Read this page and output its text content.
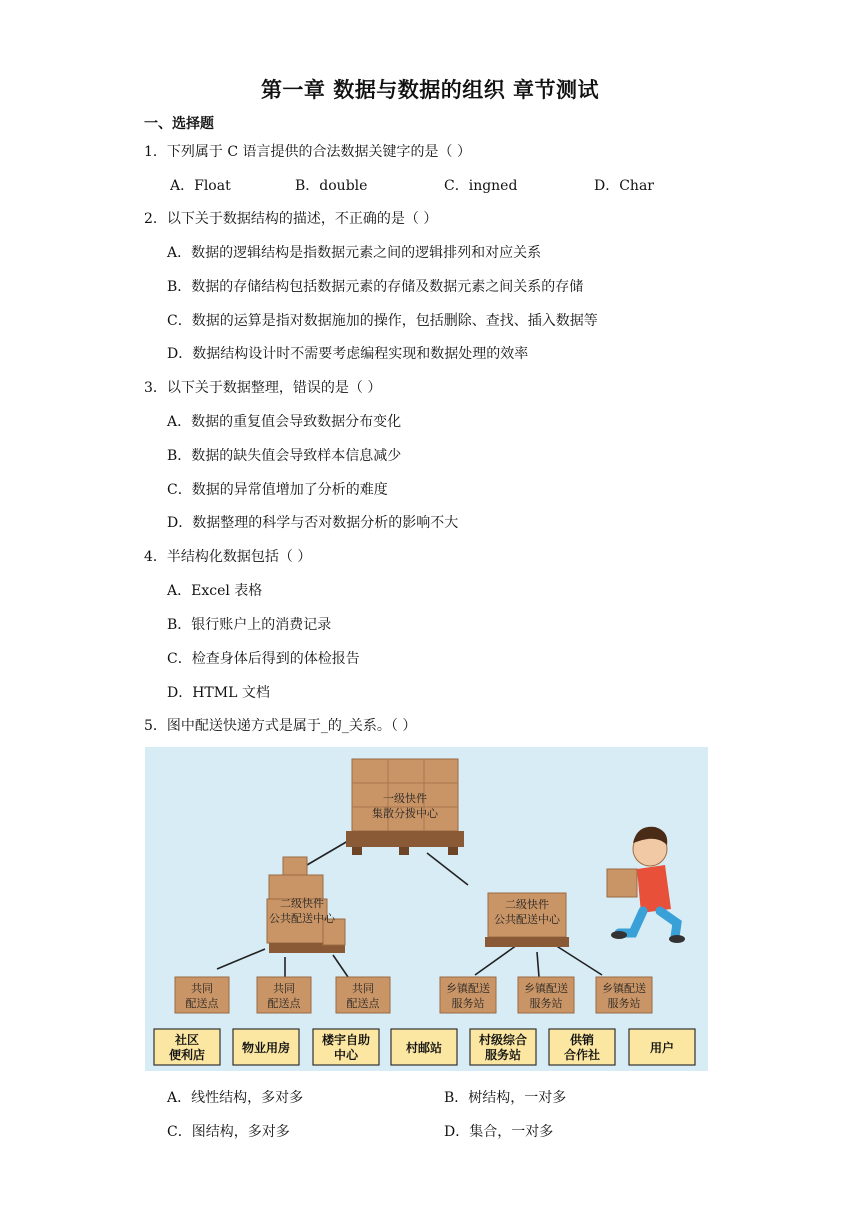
第一章 数据与数据的组织 章节测试
一、选择题
1．下列属于 C 语言提供的合法数据关键字的是（ ）
A．Float	B．double	C．ingned	D．Char
2．以下关于数据结构的描述，不正确的是（ ）
A．数据的逻辑结构是指数据元素之间的逻辑排列和对应关系
B．数据的存储结构包括数据元素的存储及数据元素之间关系的存储
C．数据的运算是指对数据施加的操作，包括删除、查找、插入数据等
D．数据结构设计时不需要考虑编程实现和数据处理的效率
3．以下关于数据整理，错误的是（ ）
A．数据的重复值会导致数据分布变化
B．数据的缺失值会导致样本信息减少
C．数据的异常值增加了分析的难度
D．数据整理的科学与否对数据分析的影响不大
4．半结构化数据包括（ ）
A．Excel 表格
B．银行账户上的消费记录
C．检查身体后得到的体检报告
D．HTML 文档
5．图中配送快递方式是属于_的_关系。（ ）
一级快件
集散分拨中心
二级快件
公共配送中心
二级快件
公共配送中心
共同
配送点
共同
配送点
共同
配送点
乡镇配送
服务站
乡镇配送
服务站
乡镇配送
服务站
社区
便利店	物业用房
楼宇自助
中心	村邮站
村级综合
服务站
供销
合作社	用户
A．线性结构，多对多	B．树结构，一对多
C．图结构，多对多	D．集合，一对多
